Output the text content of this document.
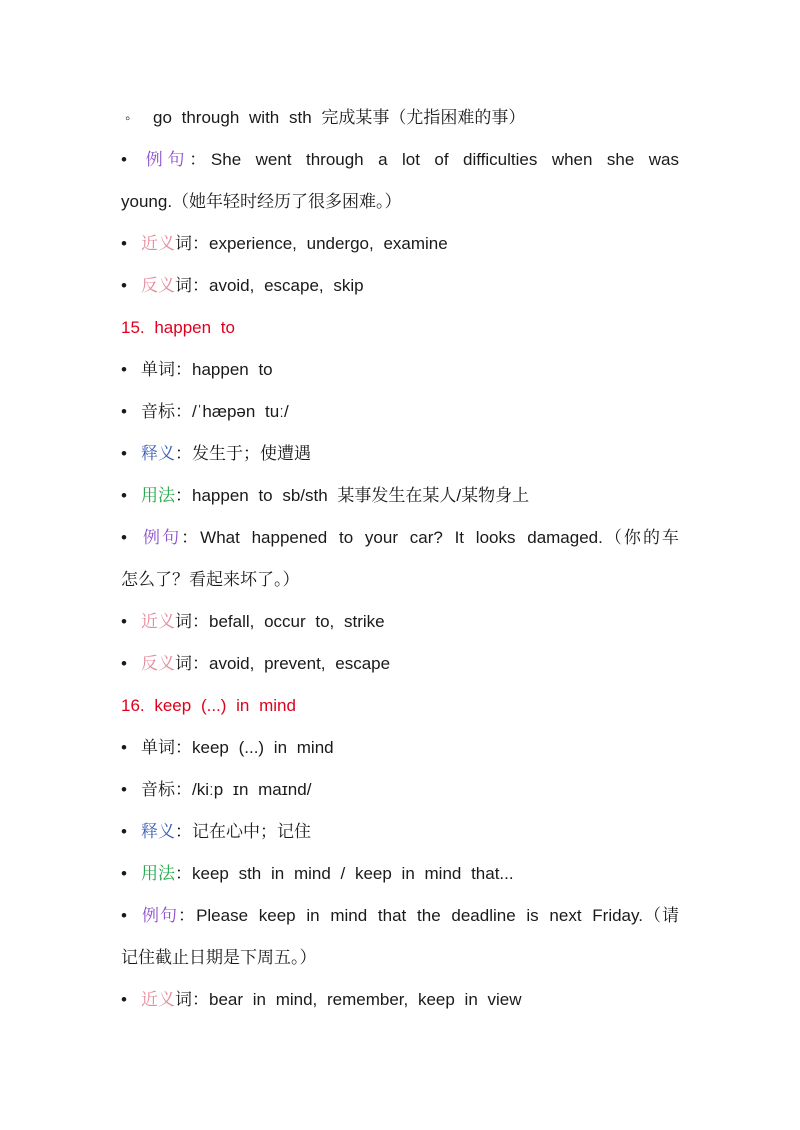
◦ go through with sth 完成某事（尤指困难的事）
• 例句：She went through a lot of difficulties when she was
young.（她年轻时经历了很多困难。）
• 近义词：experience, undergo, examine
• 反义词：avoid, escape, skip
15. happen to
• 单词：happen to
• 音标：/ˈhæpən tuː/
• 释义：发生于；使遭遇
• 用法：happen to sb/sth 某事发生在某人/某物身上
• 例句：What happened to your car? It looks damaged.（你的车
怎么了？看起来坏了。）
• 近义词：befall, occur to, strike
• 反义词：avoid, prevent, escape
16. keep (...) in mind
• 单词：keep (...) in mind
• 音标：/kiːp ɪn maɪnd/
• 释义：记在心中；记住
• 用法：keep sth in mind / keep in mind that...
• 例句：Please keep in mind that the deadline is next Friday.（请
记住截止日期是下周五。）
• 近义词：bear in mind, remember, keep in view
